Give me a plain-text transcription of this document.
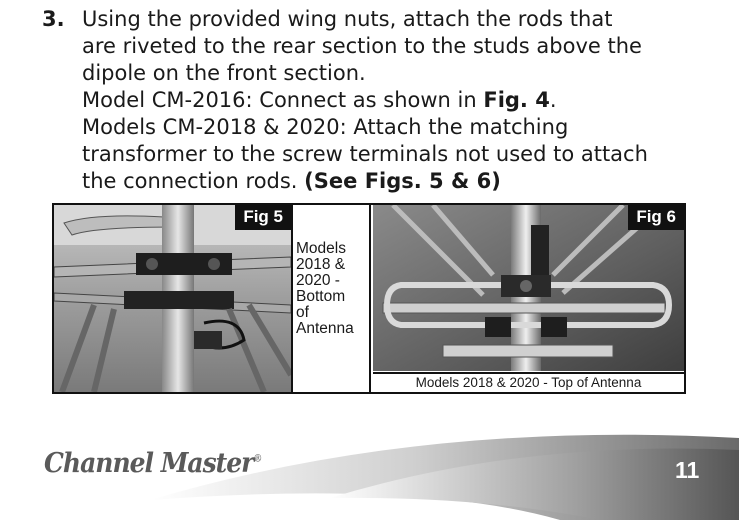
3. Using the provided wing nuts, attach the rods that
are riveted to the rear section to the studs above the
dipole on the front section.
Model CM-2016: Connect as shown in Fig. 4.
Models CM-2018 & 2020: Attach the matching
transformer to the screw terminals not used to attach
the connection rods. (See Figs. 5 & 6)
Fig 5
Models
2018 &
2020 -
Bottom
of
Antenna
Fig 6
Models 2018 & 2020 - Top of Antenna
Channel Master®	11
